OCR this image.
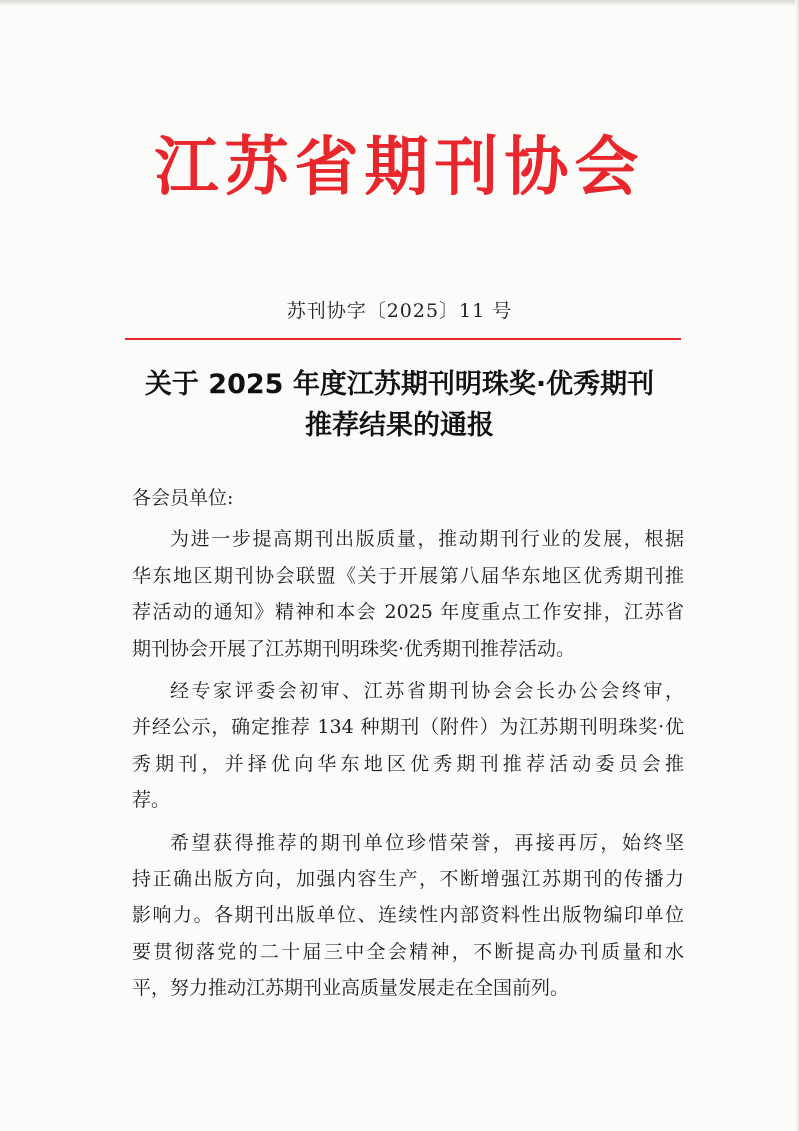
江苏省期刊协会
苏刊协字〔2025〕11 号
关于 2025 年度江苏期刊明珠奖·优秀期刊
推荐结果的通报
各会员单位:
为进一步提高期刊出版质量，推动期刊行业的发展，根据
华东地区期刊协会联盟《关于开展第八届华东地区优秀期刊推
荐活动的通知》精神和本会 2025 年度重点工作安排，江苏省
期刊协会开展了江苏期刊明珠奖·优秀期刊推荐活动。
经专家评委会初审、江苏省期刊协会会长办公会终审，
并经公示，确定推荐 134 种期刊（附件）为江苏期刊明珠奖·优
秀期刊，并择优向华东地区优秀期刊推荐活动委员会推
荐。
希望获得推荐的期刊单位珍惜荣誉，再接再厉，始终坚
持正确出版方向，加强内容生产，不断增强江苏期刊的传播力
影响力。各期刊出版单位、连续性内部资料性出版物编印单位
要贯彻落党的二十届三中全会精神，不断提高办刊质量和水
平，努力推动江苏期刊业高质量发展走在全国前列。
